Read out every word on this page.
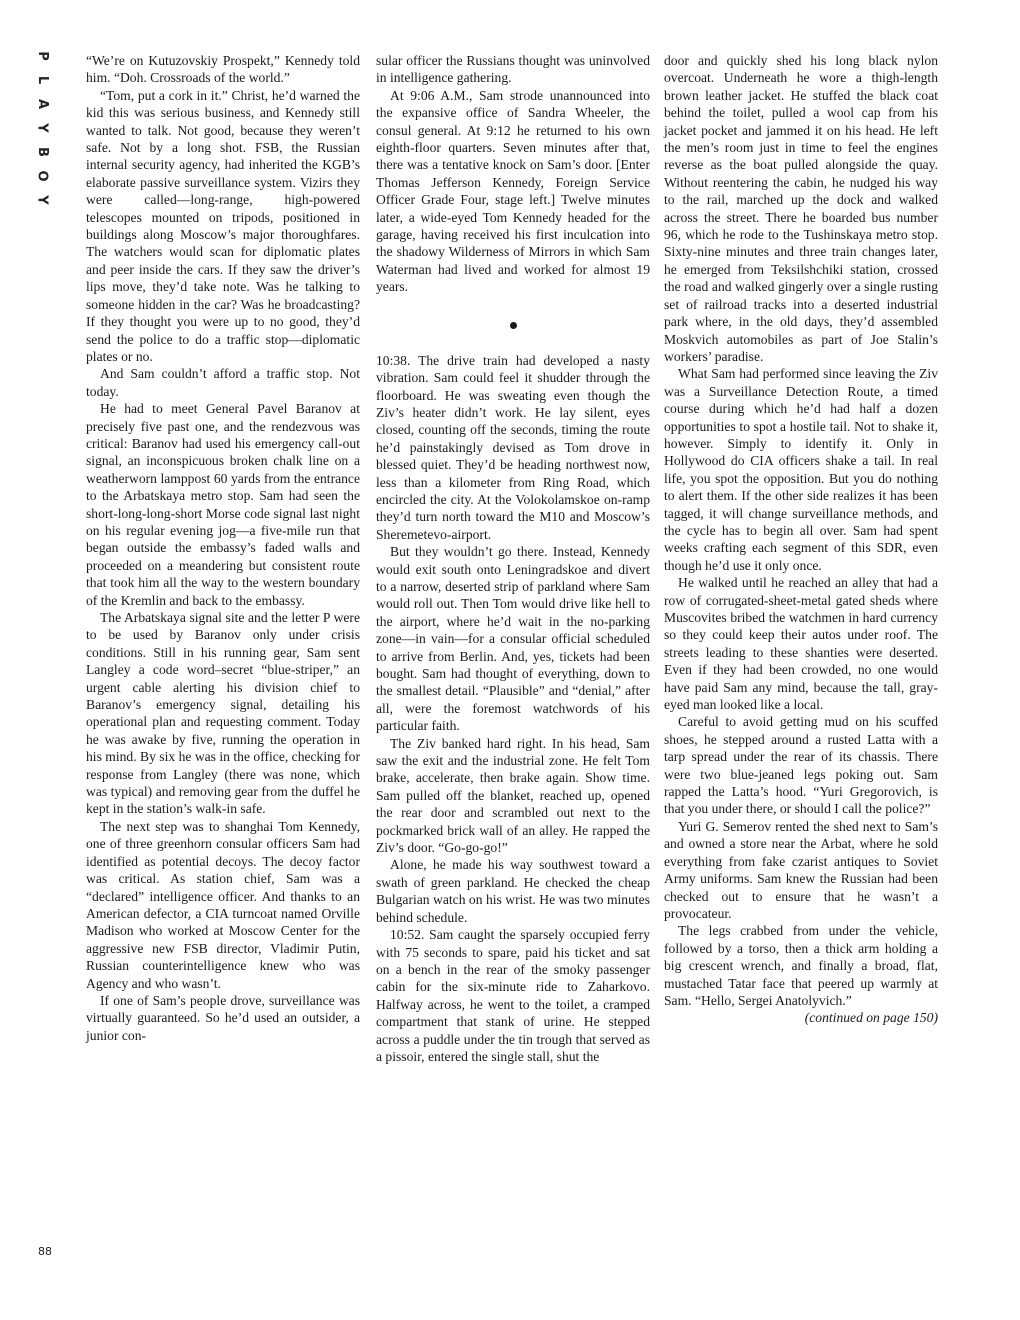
P
L
A
Y
B
O
Y
88

“We’re on Kutuzovskiy Prospekt,” Kennedy told him. “Doh. Crossroads of the world.”

“Tom, put a cork in it.” Christ, he’d warned the kid this was serious business, and Kennedy still wanted to talk. Not good, because they weren’t safe. Not by a long shot. FSB, the Russian internal security agency, had inherited the KGB’s elaborate passive surveillance system. Vizirs they were called—long-range, high-powered telescopes mounted on tripods, positioned in buildings along Moscow’s major thoroughfares. The watchers would scan for diplomatic plates and peer inside the cars. If they saw the driver’s lips move, they’d take note. Was he talking to someone hidden in the car? Was he broadcasting? If they thought you were up to no good, they’d send the police to do a traffic stop—diplomatic plates or no.

And Sam couldn’t afford a traffic stop. Not today.

He had to meet General Pavel Baranov at precisely five past one, and the rendezvous was critical: Baranov had used his emergency call-out signal, an inconspicuous broken chalk line on a weatherworn lamppost 60 yards from the entrance to the Arbatskaya metro stop. Sam had seen the short-long-long-short Morse code signal last night on his regular evening jog—a five-mile run that began outside the embassy’s faded walls and proceeded on a meandering but consistent route that took him all the way to the western boundary of the Kremlin and back to the embassy.

The Arbatskaya signal site and the letter P were to be used by Baranov only under crisis conditions. Still in his running gear, Sam sent Langley a code word–secret “blue-striper,” an urgent cable alerting his division chief to Baranov’s emergency signal, detailing his operational plan and requesting comment. Today he was awake by five, running the operation in his mind. By six he was in the office, checking for response from Langley (there was none, which was typical) and removing gear from the duffel he kept in the station’s walk-in safe.

The next step was to shanghai Tom Kennedy, one of three greenhorn consular officers Sam had identified as potential decoys. The decoy factor was critical. As station chief, Sam was a “declared” intelligence officer. And thanks to an American defector, a CIA turncoat named Orville Madison who worked at Moscow Center for the aggressive new FSB director, Vladimir Putin, Russian counterintelligence knew who was Agency and who wasn’t.

If one of Sam’s people drove, surveillance was virtually guaranteed. So he’d used an outsider, a junior con-

sular officer the Russians thought was uninvolved in intelligence gathering.

At 9:06 A.M., Sam strode unannounced into the expansive office of Sandra Wheeler, the consul general. At 9:12 he returned to his own eighth-floor quarters. Seven minutes after that, there was a tentative knock on Sam’s door. [Enter Thomas Jefferson Kennedy, Foreign Service Officer Grade Four, stage left.] Twelve minutes later, a wide-eyed Tom Kennedy headed for the garage, having received his first inculcation into the shadowy Wilderness of Mirrors in which Sam Waterman had lived and worked for almost 19 years.

10:38. The drive train had developed a nasty vibration. Sam could feel it shudder through the floorboard. He was sweating even though the Ziv’s heater didn’t work. He lay silent, eyes closed, counting off the seconds, timing the route he’d painstakingly devised as Tom drove in blessed quiet. They’d be heading northwest now, less than a kilometer from Ring Road, which encircled the city. At the Volokolamskoe on-ramp they’d turn north toward the M10 and Moscow’s Sheremetevo-airport.

But they wouldn’t go there. Instead, Kennedy would exit south onto Leningradskoe and divert to a narrow, deserted strip of parkland where Sam would roll out. Then Tom would drive like hell to the airport, where he’d wait in the no-parking zone—in vain—for a consular official scheduled to arrive from Berlin. And, yes, tickets had been bought. Sam had thought of everything, down to the smallest detail. “Plausible” and “denial,” after all, were the foremost watchwords of his particular faith.

The Ziv banked hard right. In his head, Sam saw the exit and the industrial zone. He felt Tom brake, accelerate, then brake again. Show time. Sam pulled off the blanket, reached up, opened the rear door and scrambled out next to the pockmarked brick wall of an alley. He rapped the Ziv’s door. “Go-go-go!”

Alone, he made his way southwest toward a swath of green parkland. He checked the cheap Bulgarian watch on his wrist. He was two minutes behind schedule.

10:52. Sam caught the sparsely occupied ferry with 75 seconds to spare, paid his ticket and sat on a bench in the rear of the smoky passenger cabin for the six-minute ride to Zaharkovo. Halfway across, he went to the toilet, a cramped compartment that stank of urine. He stepped across a puddle under the tin trough that served as a pissoir, entered the single stall, shut the

door and quickly shed his long black nylon overcoat. Underneath he wore a thigh-length brown leather jacket. He stuffed the black coat behind the toilet, pulled a wool cap from his jacket pocket and jammed it on his head. He left the men’s room just in time to feel the engines reverse as the boat pulled alongside the quay. Without reentering the cabin, he nudged his way to the rail, marched up the dock and walked across the street. There he boarded bus number 96, which he rode to the Tushinskaya metro stop. Sixty-nine minutes and three train changes later, he emerged from Teksilshchiki station, crossed the road and walked gingerly over a single rusting set of railroad tracks into a deserted industrial park where, in the old days, they’d assembled Moskvich automobiles as part of Joe Stalin’s workers’ paradise.

What Sam had performed since leaving the Ziv was a Surveillance Detection Route, a timed course during which he’d had half a dozen opportunities to spot a hostile tail. Not to shake it, however. Simply to identify it. Only in Hollywood do CIA officers shake a tail. In real life, you spot the opposition. But you do nothing to alert them. If the other side realizes it has been tagged, it will change surveillance methods, and the cycle has to begin all over. Sam had spent weeks crafting each segment of this SDR, even though he’d use it only once.

He walked until he reached an alley that had a row of corrugated-sheet-metal gated sheds where Muscovites bribed the watchmen in hard currency so they could keep their autos under roof. The streets leading to these shanties were deserted. Even if they had been crowded, no one would have paid Sam any mind, because the tall, gray-eyed man looked like a local.

Careful to avoid getting mud on his scuffed shoes, he stepped around a rusted Latta with a tarp spread under the rear of its chassis. There were two blue-jeaned legs poking out. Sam rapped the Latta’s hood. “Yuri Gregorovich, is that you under there, or should I call the police?”

Yuri G. Semerov rented the shed next to Sam’s and owned a store near the Arbat, where he sold everything from fake czarist antiques to Soviet Army uniforms. Sam knew the Russian had been checked out to ensure that he wasn’t a provocateur.

The legs crabbed from under the vehicle, followed by a torso, then a thick arm holding a big crescent wrench, and finally a broad, flat, mustached Tatar face that peered up warmly at Sam. “Hello, Sergei Anatolyvich.”

(continued on page 150)
